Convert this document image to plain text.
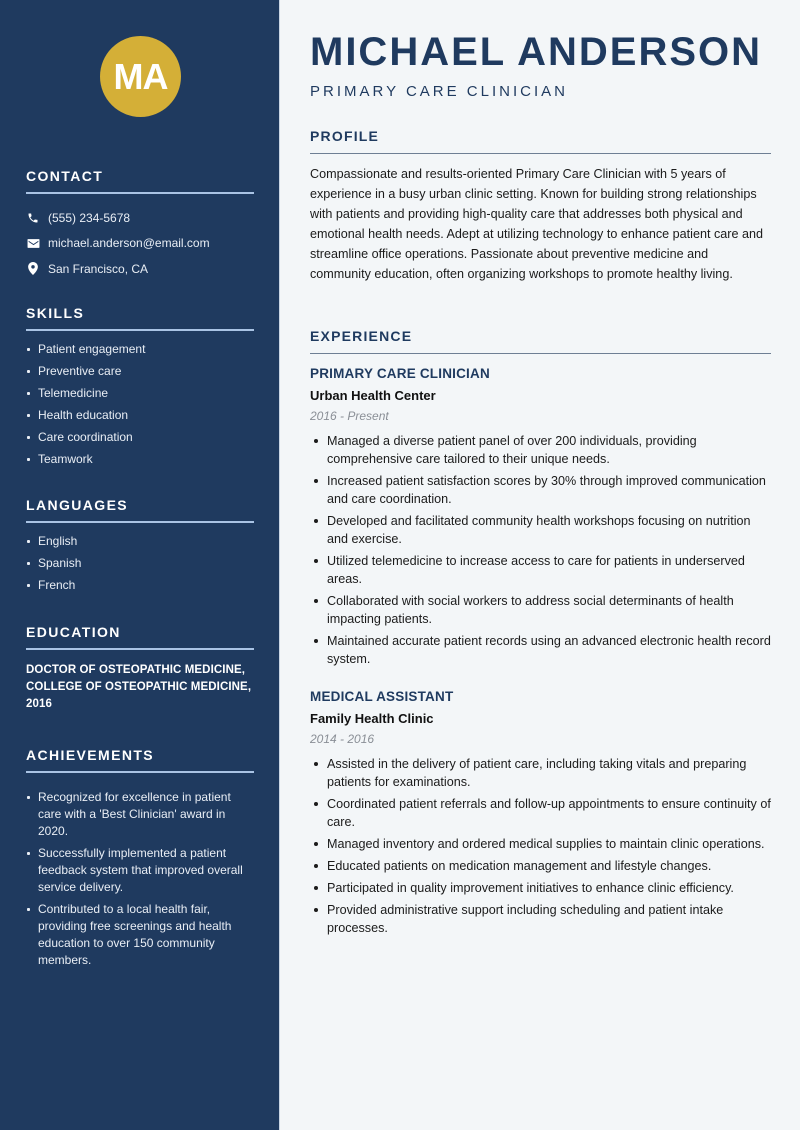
MA
CONTACT
(555) 234-5678
michael.anderson@email.com
San Francisco, CA
SKILLS
Patient engagement
Preventive care
Telemedicine
Health education
Care coordination
Teamwork
LANGUAGES
English
Spanish
French
EDUCATION
DOCTOR OF OSTEOPATHIC MEDICINE, COLLEGE OF OSTEOPATHIC MEDICINE, 2016
ACHIEVEMENTS
Recognized for excellence in patient care with a 'Best Clinician' award in 2020.
Successfully implemented a patient feedback system that improved overall service delivery.
Contributed to a local health fair, providing free screenings and health education to over 150 community members.
MICHAEL ANDERSON
PRIMARY CARE CLINICIAN
PROFILE

Compassionate and results-oriented Primary Care Clinician with 5 years of experience in a busy urban clinic setting. Known for building strong relationships with patients and providing high-quality care that addresses both physical and emotional health needs. Adept at utilizing technology to enhance patient care and streamline office operations. Passionate about preventive medicine and community education, often organizing workshops to promote healthy living.

EXPERIENCE
PRIMARY CARE CLINICIAN
Urban Health Center
2016 - Present
Managed a diverse patient panel of over 200 individuals, providing comprehensive care tailored to their unique needs.
Increased patient satisfaction scores by 30% through improved communication and care coordination.
Developed and facilitated community health workshops focusing on nutrition and exercise.
Utilized telemedicine to increase access to care for patients in underserved areas.
Collaborated with social workers to address social determinants of health impacting patients.
Maintained accurate patient records using an advanced electronic health record system.
MEDICAL ASSISTANT
Family Health Clinic
2014 - 2016
Assisted in the delivery of patient care, including taking vitals and preparing patients for examinations.
Coordinated patient referrals and follow-up appointments to ensure continuity of care.
Managed inventory and ordered medical supplies to maintain clinic operations.
Educated patients on medication management and lifestyle changes.
Participated in quality improvement initiatives to enhance clinic efficiency.
Provided administrative support including scheduling and patient intake processes.
